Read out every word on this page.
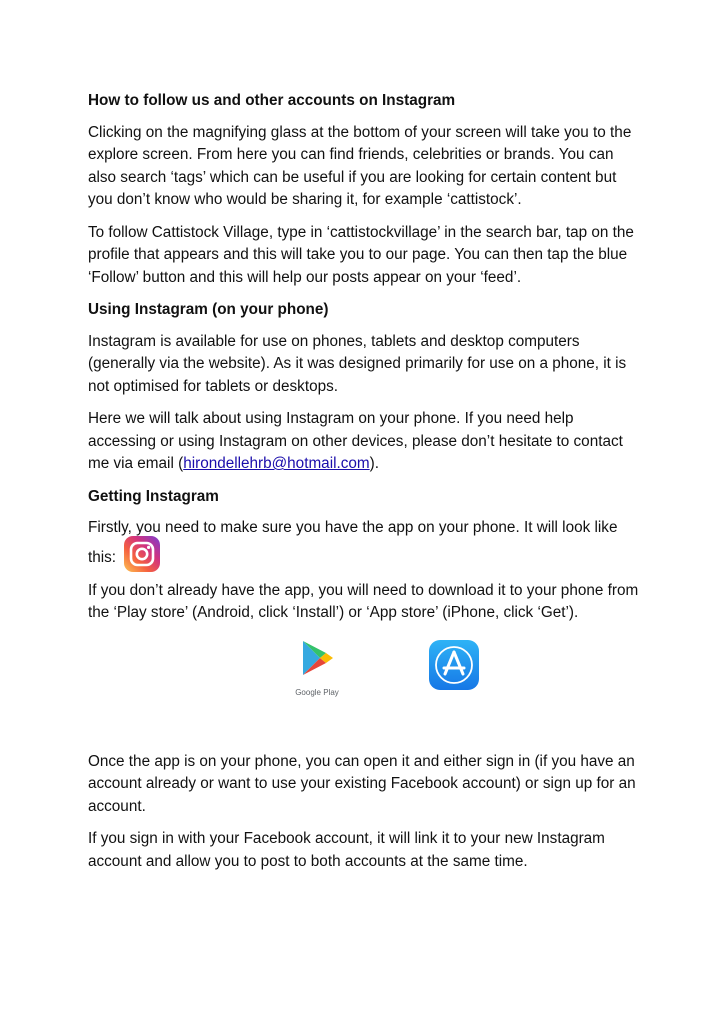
How to follow us and other accounts on Instagram
Clicking on the magnifying glass at the bottom of your screen will take you to the explore screen. From here you can find friends, celebrities or brands. You can also search ‘tags’ which can be useful if you are looking for certain content but you don’t know who would be sharing it, for example ‘cattistock’.
To follow Cattistock Village, type in ‘cattistockvillage’ in the search bar, tap on the profile that appears and this will take you to our page. You can then tap the blue ‘Follow’ button and this will help our posts appear on your ‘feed’.
Using Instagram (on your phone)
Instagram is available for use on phones, tablets and desktop computers (generally via the website). As it was designed primarily for use on a phone, it is not optimised for tablets or desktops.
Here we will talk about using Instagram on your phone. If you need help accessing or using Instagram on other devices, please don’t hesitate to contact me via email (hirondellehrb@hotmail.com).
Getting Instagram
Firstly, you need to make sure you have the app on your phone. It will look like this:
If you don’t already have the app, you will need to download it to your phone from the ‘Play store’ (Android, click ‘Install’) or ‘App store’ (iPhone, click ‘Get’).
Google Play
Once the app is on your phone, you can open it and either sign in (if you have an account already or want to use your existing Facebook account) or sign up for an account.
If you sign in with your Facebook account, it will link it to your new Instagram account and allow you to post to both accounts at the same time.
